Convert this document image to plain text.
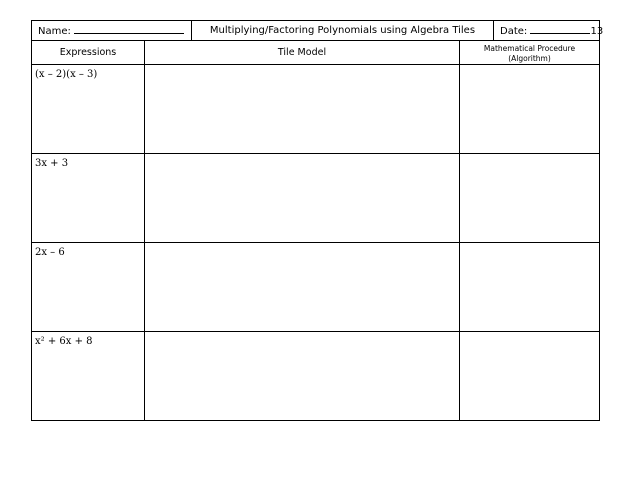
Name:	Multiplying/Factoring Polynomials using Algebra Tiles	Date:	13
Expressions	Tile Model	Mathematical Procedure
(Algorithm)
(x – 2)(x – 3)		
3x + 3		
2x – 6		
x² + 6x + 8		
